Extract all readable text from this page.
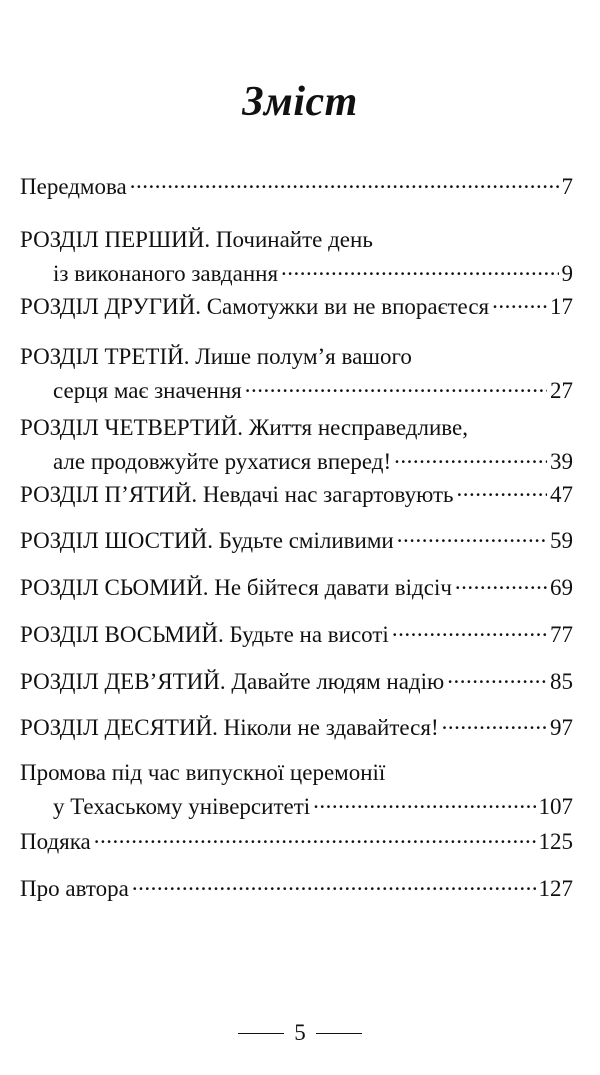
Зміст
Передмова .....	7
РОЗДІЛ ПЕРШИЙ. Починайте день
із виконаного завдання .....	9
РОЗДІЛ ДРУГИЙ. Самотужки ви не впораєтеся .....	17
РОЗДІЛ ТРЕТІЙ. Лише полумʼя вашого
серця має значення .....	27
РОЗДІЛ ЧЕТВЕРТИЙ. Життя несправедливе,
але продовжуйте рухатися вперед! .....	39
РОЗДІЛ П’ЯТИЙ. Невдачі нас загартовують .....	47
РОЗДІЛ ШОСТИЙ. Будьте сміливими .....	59
РОЗДІЛ СЬОМИЙ. Не бійтеся давати відсіч .....	69
РОЗДІЛ ВОСЬМИЙ. Будьте на висоті .....	77
РОЗДІЛ ДЕВ’ЯТИЙ. Давайте людям надію .....	85
РОЗДІЛ ДЕСЯТИЙ. Ніколи не здавайтеся! .....	97
Промова під час випускної церемонії
у Техаському університеті .....	107
Подяка .....	125
Про автора .....	127
5
